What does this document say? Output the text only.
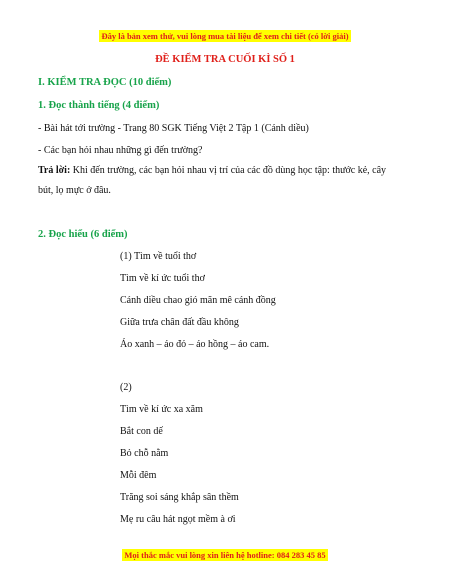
Đây là bản xem thử, vui lòng mua tài liệu để xem chi tiết (có lời giải)
ĐỀ KIỂM TRA CUỐI KÌ SỐ 1
I. KIỂM TRA ĐỌC (10 điểm)
1. Đọc thành tiếng (4 điểm)
- Bài hát tới trường - Trang 80 SGK Tiếng Việt 2 Tập 1 (Cánh diều)
- Các bạn hỏi nhau những gì đến trường?
Trả lời: Khi đến trường, các bạn hỏi nhau vị trí của các đồ dùng học tập: thước kẻ, cây bút, lọ mực ở đâu.
2. Đọc hiểu (6 điểm)
(1) Tìm về tuổi thơ
Tìm về kí ức tuổi thơ
Cánh diều chao gió mãn mê cánh đồng
Giữa trưa chân đất đầu không
Áo xanh – áo đỏ – áo hồng – áo cam.
(2)
Tìm về kí ức xa xăm
Bắt con dế
Bỏ chỗ nằm
Mỗi đêm
Trăng soi sáng khắp sân thềm
Mẹ ru câu hát ngọt mềm à ơi
Mọi thắc mắc vui lòng xin liên hệ hotline: 084 283 45 85
